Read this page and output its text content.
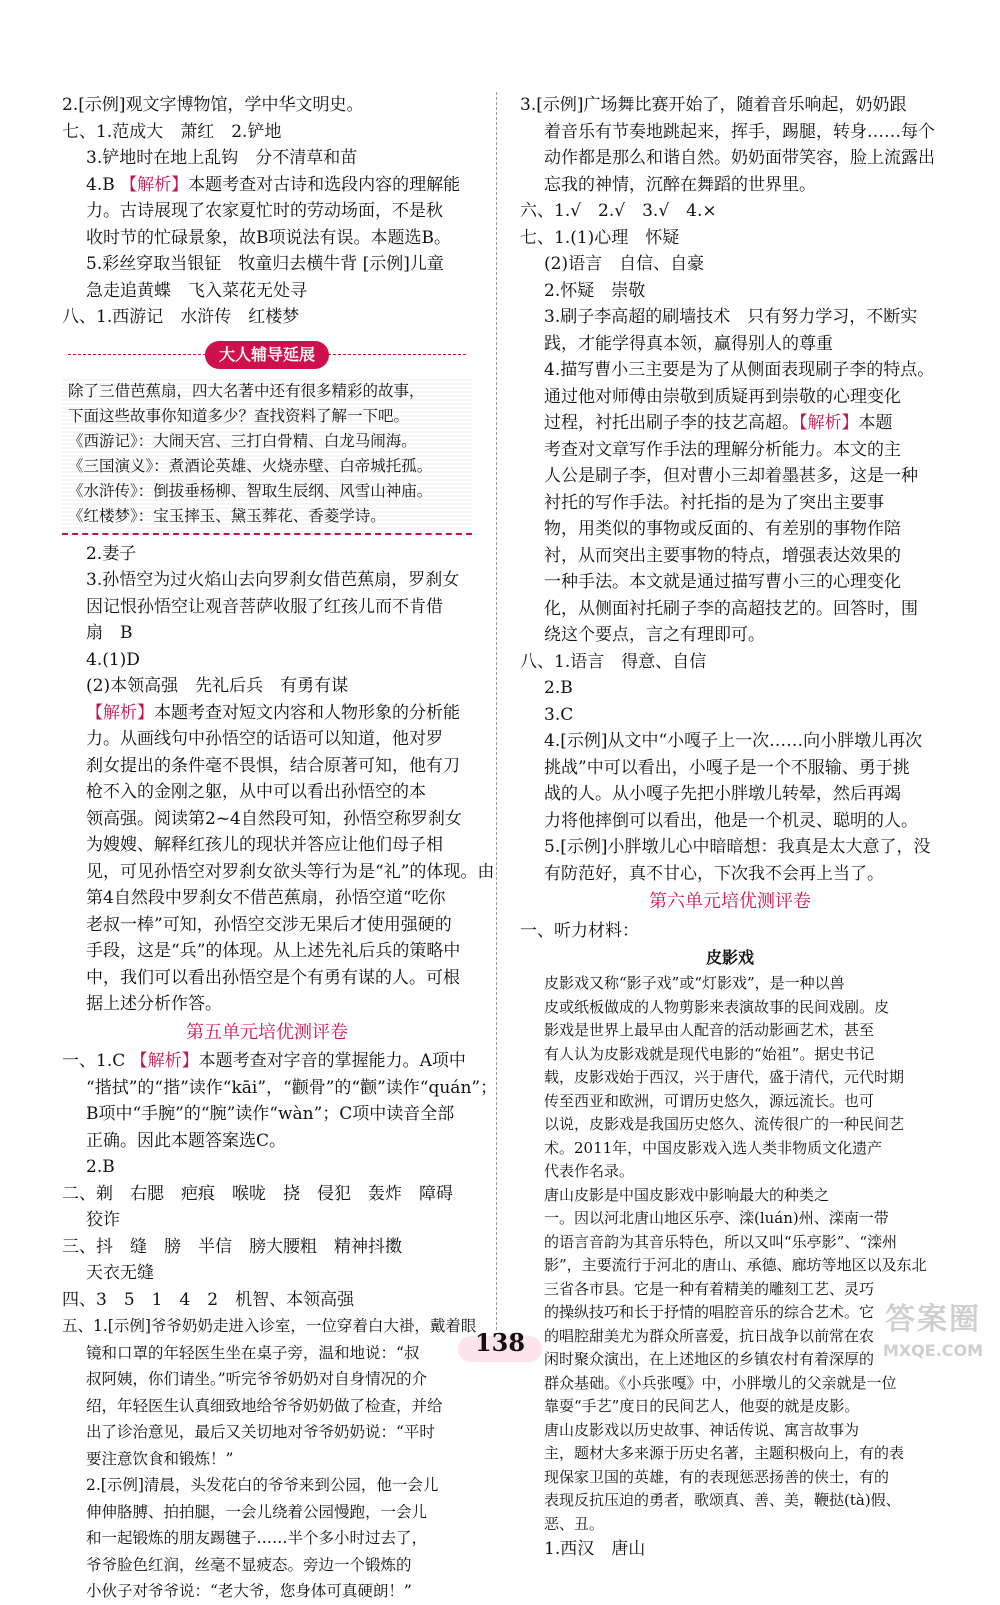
2.[示例]观文字博物馆，学中华文明史。
七、1.范成大　萧红　2.铲地
3.铲地时在地上乱钩　分不清草和苗
4.B 【解析】本题考查对古诗和选段内容的理解能
力。古诗展现了农家夏忙时的劳动场面，不是秋
收时节的忙碌景象，故B项说法有误。本题选B。
5.彩丝穿取当银钲　牧童归去横牛背 [示例]儿童
急走追黄蝶　飞入菜花无处寻
八、1.西游记　水浒传　红楼梦
大人辅导延展
除了三借芭蕉扇，四大名著中还有很多精彩的故事，
下面这些故事你知道多少？查找资料了解一下吧。
《西游记》：大闹天宫、三打白骨精、白龙马闹海。
《三国演义》：煮酒论英雄、火烧赤壁、白帝城托孤。
《水浒传》：倒拔垂杨柳、智取生辰纲、风雪山神庙。
《红楼梦》：宝玉摔玉、黛玉葬花、香菱学诗。
2.妻子
3.孙悟空为过火焰山去向罗刹女借芭蕉扇，罗刹女
因记恨孙悟空让观音菩萨收服了红孩儿而不肯借
扇　B
4.(1)D
(2)本领高强　先礼后兵　有勇有谋
【解析】本题考查对短文内容和人物形象的分析能
力。从画线句中孙悟空的话语可以知道，他对罗
刹女提出的条件毫不畏惧，结合原著可知，他有刀
枪不入的金刚之躯，从中可以看出孙悟空的本
领高强。阅读第2~4自然段可知，孙悟空称罗刹女
为嫂嫂、解释红孩儿的现状并答应让他们母子相
见，可见孙悟空对罗刹女欲头等行为是“礼”的体现。由
第4自然段中罗刹女不借芭蕉扇，孙悟空道“吃你
老叔一棒”可知，孙悟空交涉无果后才使用强硬的
手段，这是“兵”的体现。从上述先礼后兵的策略中
中，我们可以看出孙悟空是个有勇有谋的人。可根
据上述分析作答。
第五单元培优测评卷
一、1.C 【解析】本题考查对字音的掌握能力。A项中
“揩拭”的“揩”读作“kāi”，“颧骨”的“颧”读作“quán”；
B项中“手腕”的“腕”读作“wàn”；C项中读音全部
正确。因此本题答案选C。
2.B
二、剃　右腮　疤痕　喉咙　挠　侵犯　轰炸　障碍
狡诈
三、抖　缝　膀　半信　膀大腰粗　精神抖擞
天衣无缝
四、3　5　1　4　2　机智、本领高强
五、1.[示例]爷爷奶奶走进入诊室，一位穿着白大褂，戴着眼
镜和口罩的年轻医生坐在桌子旁，温和地说：“叔
叔阿姨，你们请坐。”听完爷爷奶奶对自身情况的介
绍，年轻医生认真细致地给爷爷奶奶做了检查，并给
出了诊治意见，最后又关切地对爷爷奶奶说：“平时
要注意饮食和锻炼！”
2.[示例]清晨，头发花白的爷爷来到公园，他一会儿
伸伸胳膊、拍拍腿，一会儿绕着公园慢跑，一会儿
和一起锻炼的朋友踢毽子……半个多小时过去了，
爷爷脸色红润，丝毫不显疲态。旁边一个锻炼的
小伙子对爷爷说：“老大爷，您身体可真硬朗！”
3.[示例]广场舞比赛开始了，随着音乐响起，奶奶跟
着音乐有节奏地跳起来，挥手，踢腿，转身……每个
动作都是那么和谐自然。奶奶面带笑容，脸上流露出
忘我的神情，沉醉在舞蹈的世界里。
六、1.√　2.√　3.√　4.×
七、1.(1)心理　怀疑
(2)语言　自信、自豪
2.怀疑　崇敬
3.刷子李高超的刷墙技术　只有努力学习，不断实
践，才能学得真本领，赢得别人的尊重
4.描写曹小三主要是为了从侧面表现刷子李的特点。
通过他对师傅由崇敬到质疑再到崇敬的心理变化
过程，衬托出刷子李的技艺高超。【解析】本题
考查对文章写作手法的理解分析能力。本文的主
人公是刷子李，但对曹小三却着墨甚多，这是一种
衬托的写作手法。衬托指的是为了突出主要事
物，用类似的事物或反面的、有差别的事物作陪
衬，从而突出主要事物的特点，增强表达效果的
一种手法。本文就是通过描写曹小三的心理变化
化，从侧面衬托刷子李的高超技艺的。回答时，围
绕这个要点，言之有理即可。
八、1.语言　得意、自信
2.B
3.C
4.[示例]从文中“小嘎子上一次……向小胖墩儿再次
挑战”中可以看出，小嘎子是一个不服输、勇于挑
战的人。从小嘎子先把小胖墩儿转晕，然后再竭
力将他摔倒可以看出，他是一个机灵、聪明的人。
5.[示例]小胖墩儿心中暗暗想：我真是太大意了，没
有防范好，真不甘心，下次我不会再上当了。
第六单元培优测评卷
一、听力材料：
皮影戏
皮影戏又称“影子戏”或“灯影戏”，是一种以兽
皮或纸板做成的人物剪影来表演故事的民间戏剧。皮
影戏是世界上最早由人配音的活动影画艺术，甚至
有人认为皮影戏就是现代电影的“始祖”。据史书记
载，皮影戏始于西汉，兴于唐代，盛于清代，元代时期
传至西亚和欧洲，可谓历史悠久，源远流长。也可
以说，皮影戏是我国历史悠久、流传很广的一种民间艺
术。2011年，中国皮影戏入选人类非物质文化遗产
代表作名录。
唐山皮影是中国皮影戏中影响最大的种类之
一。因以河北唐山地区乐亭、滦(luán)州、滦南一带
的语言音韵为其音乐特色，所以又叫“乐亭影”、“滦州
影”，主要流行于河北的唐山、承德、廊坊等地区以及东北
三省各市县。它是一种有着精美的雕刻工艺、灵巧
的操纵技巧和长于抒情的唱腔音乐的综合艺术。它
的唱腔甜美尤为群众所喜爱，抗日战争以前常在农
闲时聚众演出，在上述地区的乡镇农村有着深厚的
群众基础。《小兵张嘎》中，小胖墩儿的父亲就是一位
靠耍“手艺”度日的民间艺人，他耍的就是皮影。
唐山皮影戏以历史故事、神话传说、寓言故事为
主，题材大多来源于历史名著，主题积极向上，有的表
现保家卫国的英雄，有的表现惩恶扬善的侠士，有的
表现反抗压迫的勇者，歌颂真、善、美，鞭挞(tà)假、
恶、丑。
1.西汉　唐山
138
答案圈
MXQE.COM
